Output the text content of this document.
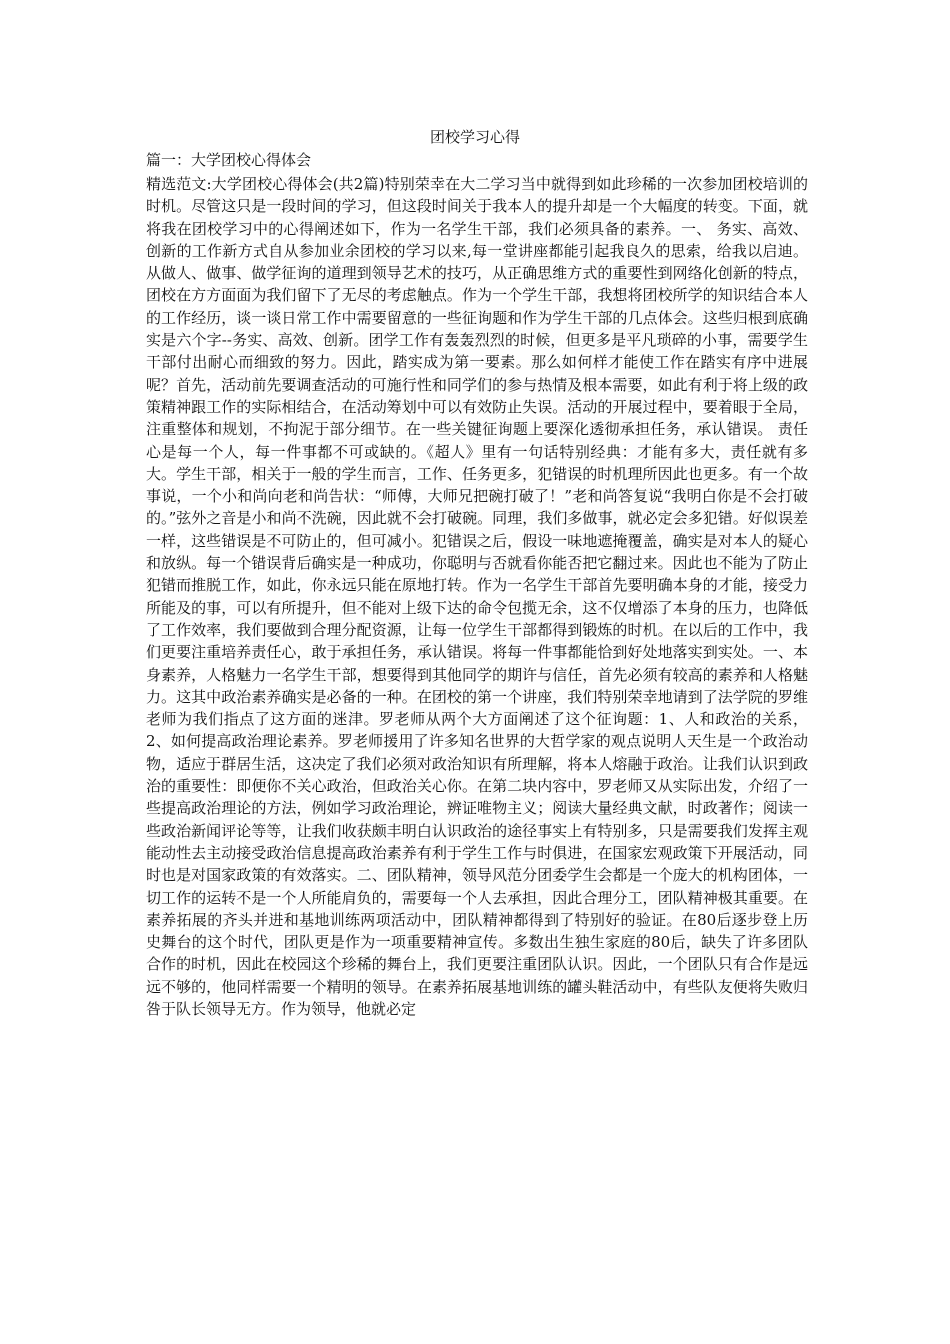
团校学习心得
篇一：大学团校心得体会

精选范文:大学团校心得体会(共2篇)特别荣幸在大二学习当中就得到如此珍稀的一次参加团校培训的时机。尽管这只是一段时间的学习，但这段时间关于我本人的提升却是一个大幅度的转变。下面，就将我在团校学习中的心得阐述如下，作为一名学生干部，我们必须具备的素养。一、 务实、高效、创新的工作新方式自从参加业余团校的学习以来,每一堂讲座都能引起我良久的思索，给我以启迪。从做人、做事、做学征询的道理到领导艺术的技巧，从正确思维方式的重要性到网络化创新的特点，团校在方方面面为我们留下了无尽的考虑触点。作为一个学生干部，我想将团校所学的知识结合本人的工作经历，谈一谈日常工作中需要留意的一些征询题和作为学生干部的几点体会。这些归根到底确实是六个字--务实、高效、创新。团学工作有轰轰烈烈的时候，但更多是平凡琐碎的小事，需要学生干部付出耐心而细致的努力。因此，踏实成为第一要素。那么如何样才能使工作在踏实有序中进展呢？首先，活动前先要调查活动的可施行性和同学们的参与热情及根本需要，如此有利于将上级的政策精神跟工作的实际相结合，在活动筹划中可以有效防止失误。活动的开展过程中，要着眼于全局，注重整体和规划，不拘泥于部分细节。在一些关键征询题上要深化透彻承担任务，承认错误。 责任心是每一个人，每一件事都不可或缺的。《超人》里有一句话特别经典：才能有多大，责任就有多大。学生干部，相关于一般的学生而言，工作、任务更多，犯错误的时机理所因此也更多。有一个故事说，一个小和尚向老和尚告状：“师傅，大师兄把碗打破了！”老和尚答复说“我明白你是不会打破的。”弦外之音是小和尚不洗碗，因此就不会打破碗。同理，我们多做事，就必定会多犯错。好似误差一样，这些错误是不可防止的，但可减小。犯错误之后，假设一味地遮掩覆盖，确实是对本人的疑心和放纵。每一个错误背后确实是一种成功，你聪明与否就看你能否把它翻过来。因此也不能为了防止犯错而推脱工作，如此，你永远只能在原地打转。作为一名学生干部首先要明确本身的才能，接受力所能及的事，可以有所提升，但不能对上级下达的命令包揽无余，这不仅增添了本身的压力，也降低了工作效率，我们要做到合理分配资源，让每一位学生干部都得到锻炼的时机。在以后的工作中，我们更要注重培养责任心，敢于承担任务，承认错误。将每一件事都能恰到好处地落实到实处。一、本身素养，人格魅力一名学生干部，想要得到其他同学的期许与信任，首先必须有较高的素养和人格魅力。这其中政治素养确实是必备的一种。在团校的第一个讲座，我们特别荣幸地请到了法学院的罗维老师为我们指点了这方面的迷津。罗老师从两个大方面阐述了这个征询题：1、人和政治的关系，2、如何提高政治理论素养。罗老师援用了许多知名世界的大哲学家的观点说明人天生是一个政治动物，适应于群居生活，这决定了我们必须对政治知识有所理解，将本人熔融于政治。让我们认识到政治的重要性：即便你不关心政治，但政治关心你。在第二块内容中，罗老师又从实际出发，介绍了一些提高政治理论的方法，例如学习政治理论，辨证唯物主义；阅读大量经典文献，时政著作；阅读一些政治新闻评论等等，让我们收获颇丰明白认识政治的途径事实上有特别多，只是需要我们发挥主观能动性去主动接受政治信息提高政治素养有利于学生工作与时俱进，在国家宏观政策下开展活动，同时也是对国家政策的有效落实。二、团队精神，领导风范分团委学生会都是一个庞大的机构团体，一切工作的运转不是一个人所能肩负的，需要每一个人去承担，因此合理分工，团队精神极其重要。在素养拓展的齐头并进和基地训练两项活动中，团队精神都得到了特别好的验证。在80后逐步登上历史舞台的这个时代，团队更是作为一项重要精神宣传。多数出生独生家庭的80后，缺失了许多团队合作的时机，因此在校园这个珍稀的舞台上，我们更要注重团队认识。因此，一个团队只有合作是远远不够的，他同样需要一个精明的领导。在素养拓展基地训练的罐头鞋活动中，有些队友便将失败归咎于队长领导无方。作为领导，他就必定
